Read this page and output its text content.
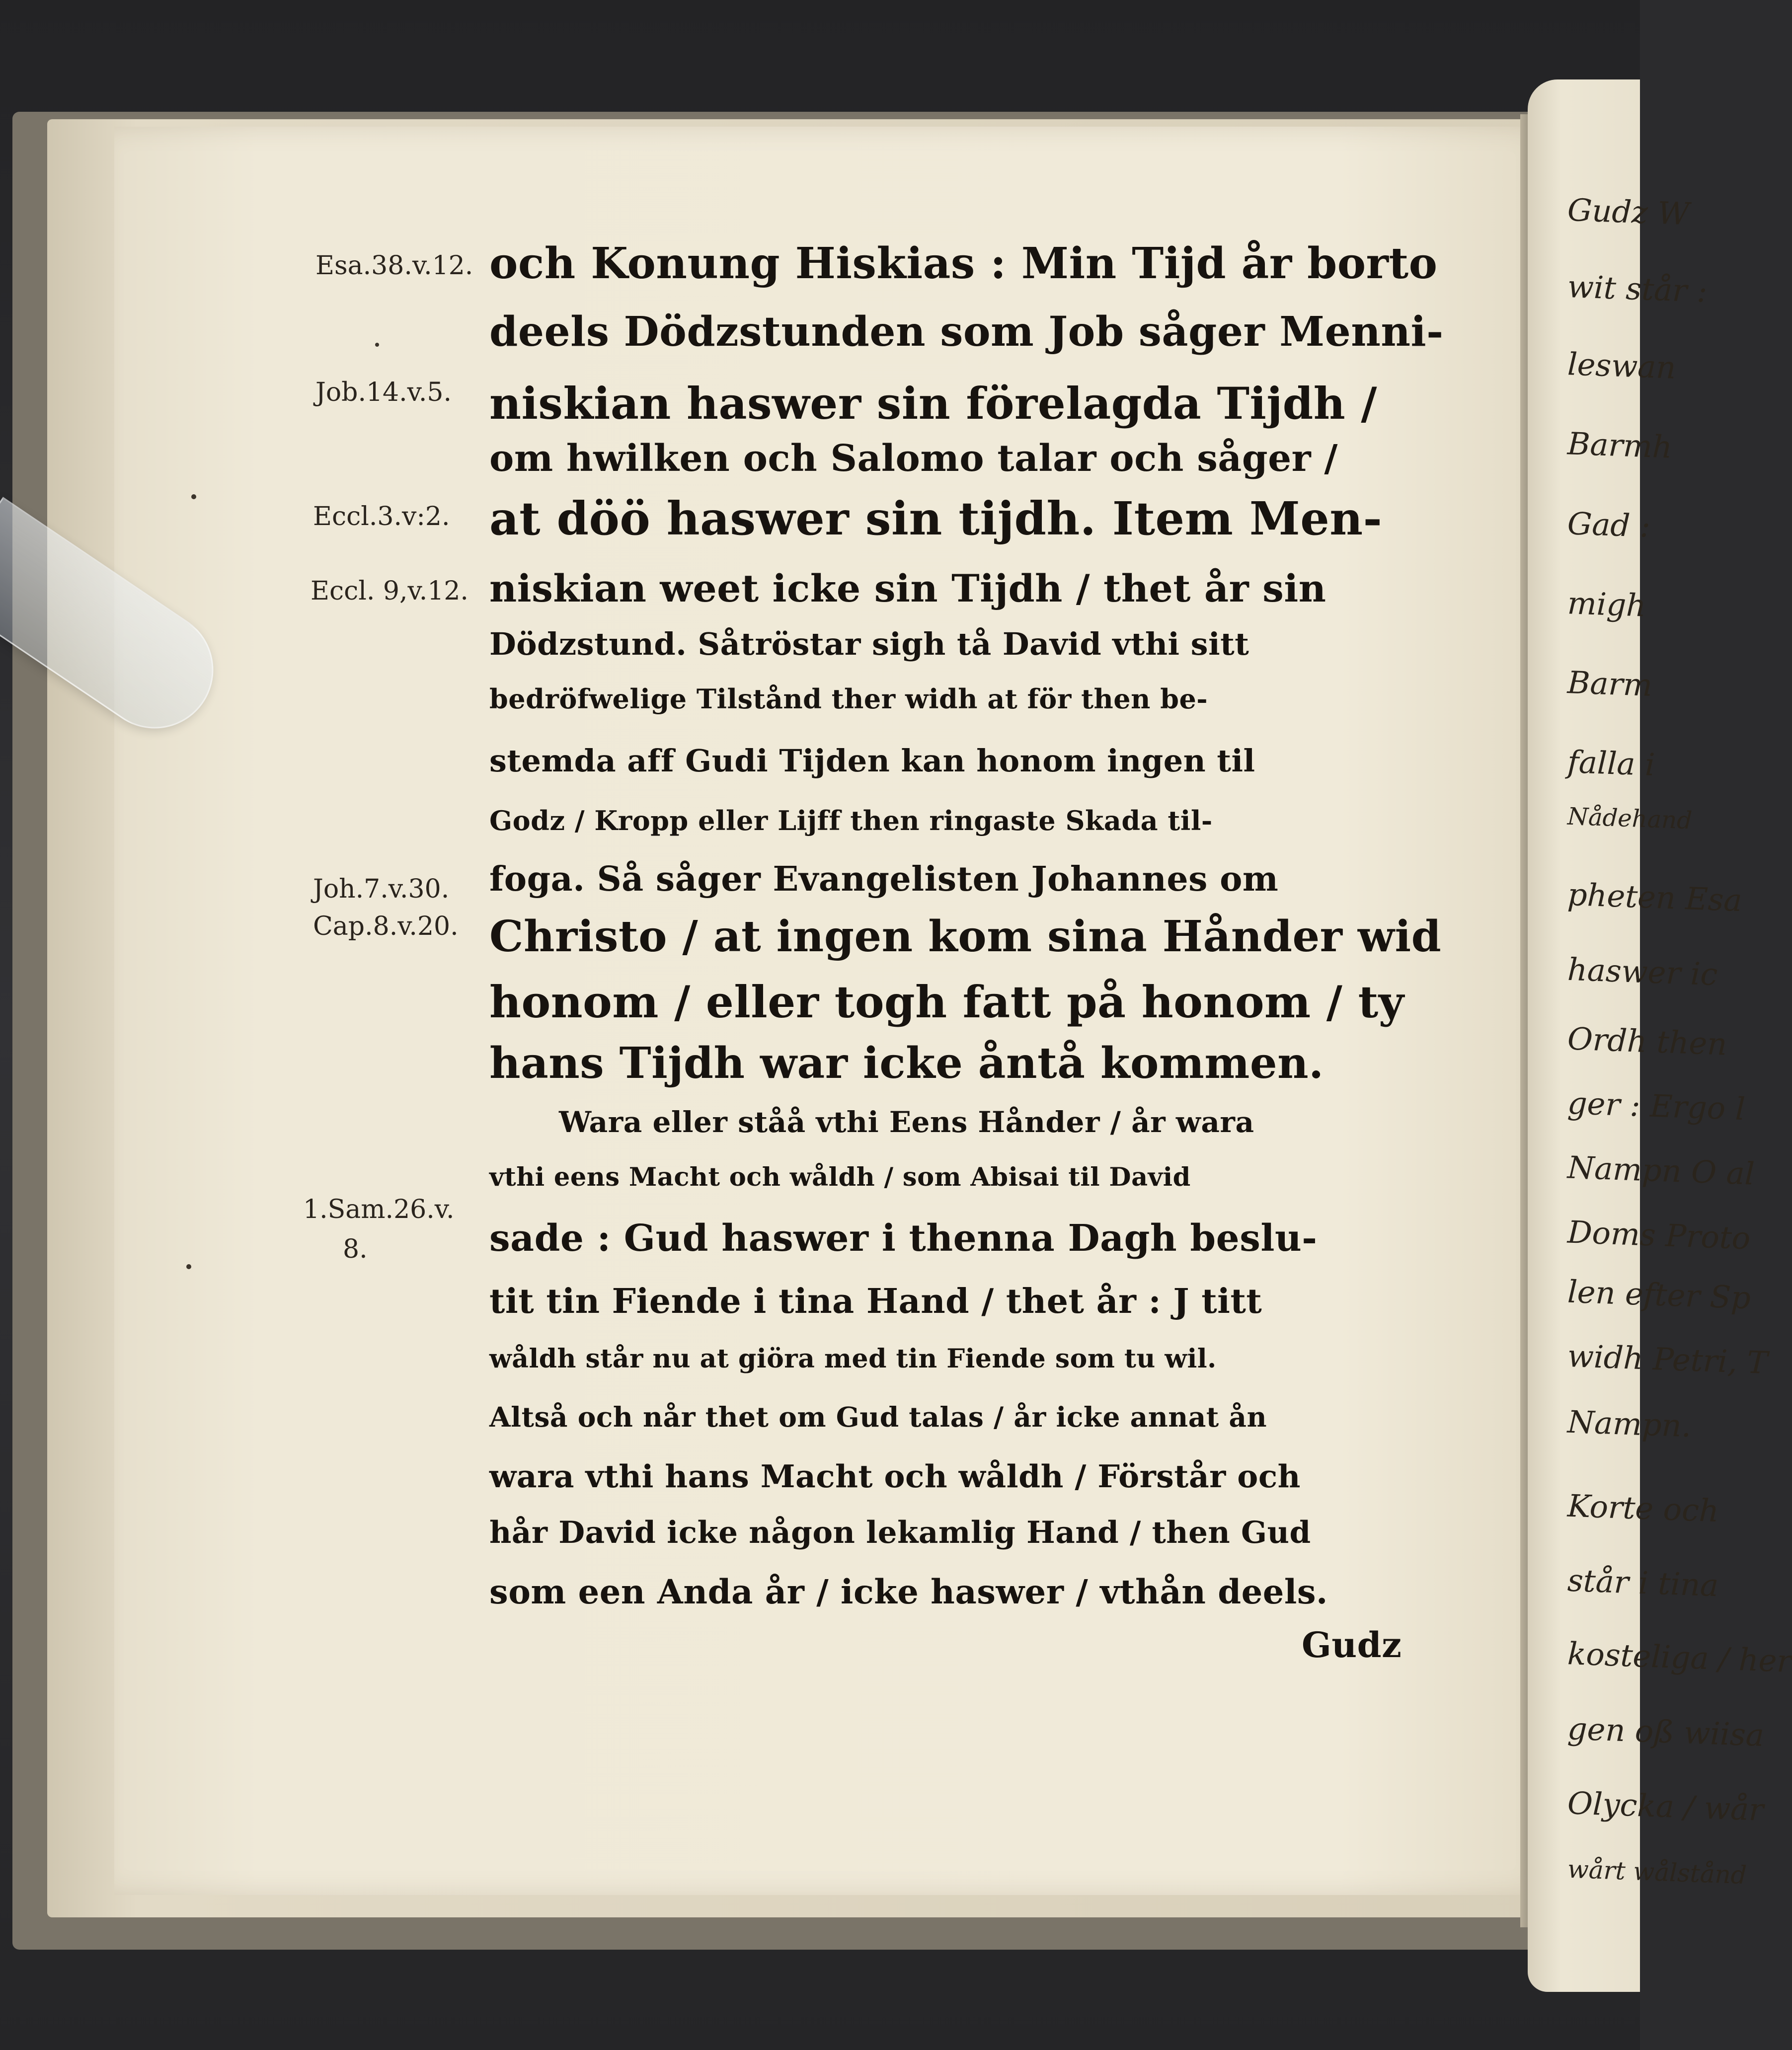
Gudz W
wit står :
leswan
Barmh
Gad :
migh
Barm
falla i
Nådehand
pheten Esa
haswer ic
Ordh then
ger : Ergo l
Nampn O al
Doms Proto
len efter Sp
widh Petri, T
Nampn.
Korte och
står i tina
kosteliga / her
gen oß wiisa
Olycka / wår
wårt wålstånd
Esa.38.v.12.
Job.14.v.5.
Eccl.3.v:2.
Eccl. 9,v.12.
Joh.7.v.30.
Cap.8.v.20.
1.Sam.26.v.
8.
och Konung Hiskias : Min Tijd år borto
deels Dödzstunden som Job såger Menni-
niskian haswer sin förelagda Tijdh /
om hwilken och Salomo talar och såger /
at döö haswer sin tijdh. Item Men-
niskian weet icke sin Tijdh / thet år sin
Dödzstund. Såtröstar sigh tå David vthi sitt
bedröfwelige Tilstånd ther widh at för then be-
stemda aff Gudi Tijden kan honom ingen til
Godz / Kropp eller Lijff then ringaste Skada til-
foga. Så såger Evangelisten Johannes om
Christo / at ingen kom sina Hånder wid
honom / eller togh fatt på honom / ty
hans Tijdh war icke åntå kommen.
Wara eller ståå vthi Eens Hånder / år wara
vthi eens Macht och wåldh / som Abisai til David
sade : Gud haswer i thenna Dagh beslu-
tit tin Fiende i tina Hand / thet år : J titt
wåldh står nu at giöra med tin Fiende som tu wil.
Altså och når thet om Gud talas / år icke annat ån
wara vthi hans Macht och wåldh / Förstår och
hår David icke någon lekamlig Hand / then Gud
som een Anda år / icke haswer / vthån deels.
Gudz
